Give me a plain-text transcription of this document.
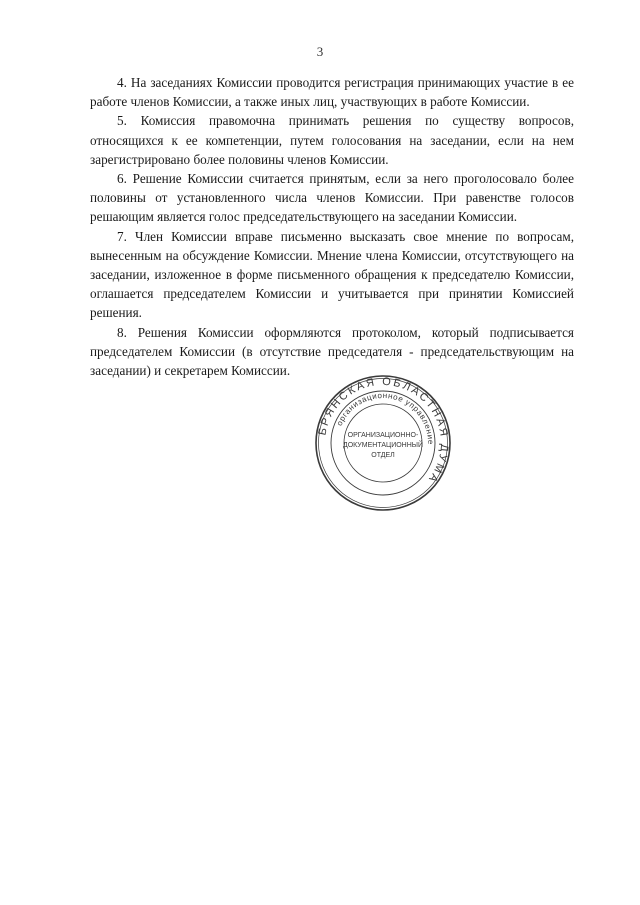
3

4. На заседаниях Комиссии проводится регистрация принимающих участие в ее работе членов Комиссии, а также иных лиц, участвующих в работе Комиссии.

5. Комиссия правомочна принимать решения по существу вопросов, относящихся к ее компетенции, путем голосования на заседании, если на нем зарегистрировано более половины членов Комиссии.

6. Решение Комиссии считается принятым, если за него проголосовало более половины от установленного числа членов Комиссии. При равенстве голосов решающим является голос председательствующего на заседании Комиссии.

7. Член Комиссии вправе письменно высказать свое мнение по вопросам, вынесенным на обсуждение Комиссии. Мнение члена Комиссии, отсутствующего на заседании, изложенное в форме письменного обращения к председателю Комиссии, оглашается председателем Комиссии и учитывается при принятии Комиссией решения.

8. Решения Комиссии оформляются протоколом, который подписывается председателем Комиссии (в отсутствие председателя - председательствующим на заседании) и секретарем Комиссии.

БРЯНСКАЯ ОБЛАСТНАЯ ДУМА
организационное управление
ОРГАНИЗАЦИОННО-
ДОКУМЕНТАЦИОННЫЙ
ОТДЕЛ
